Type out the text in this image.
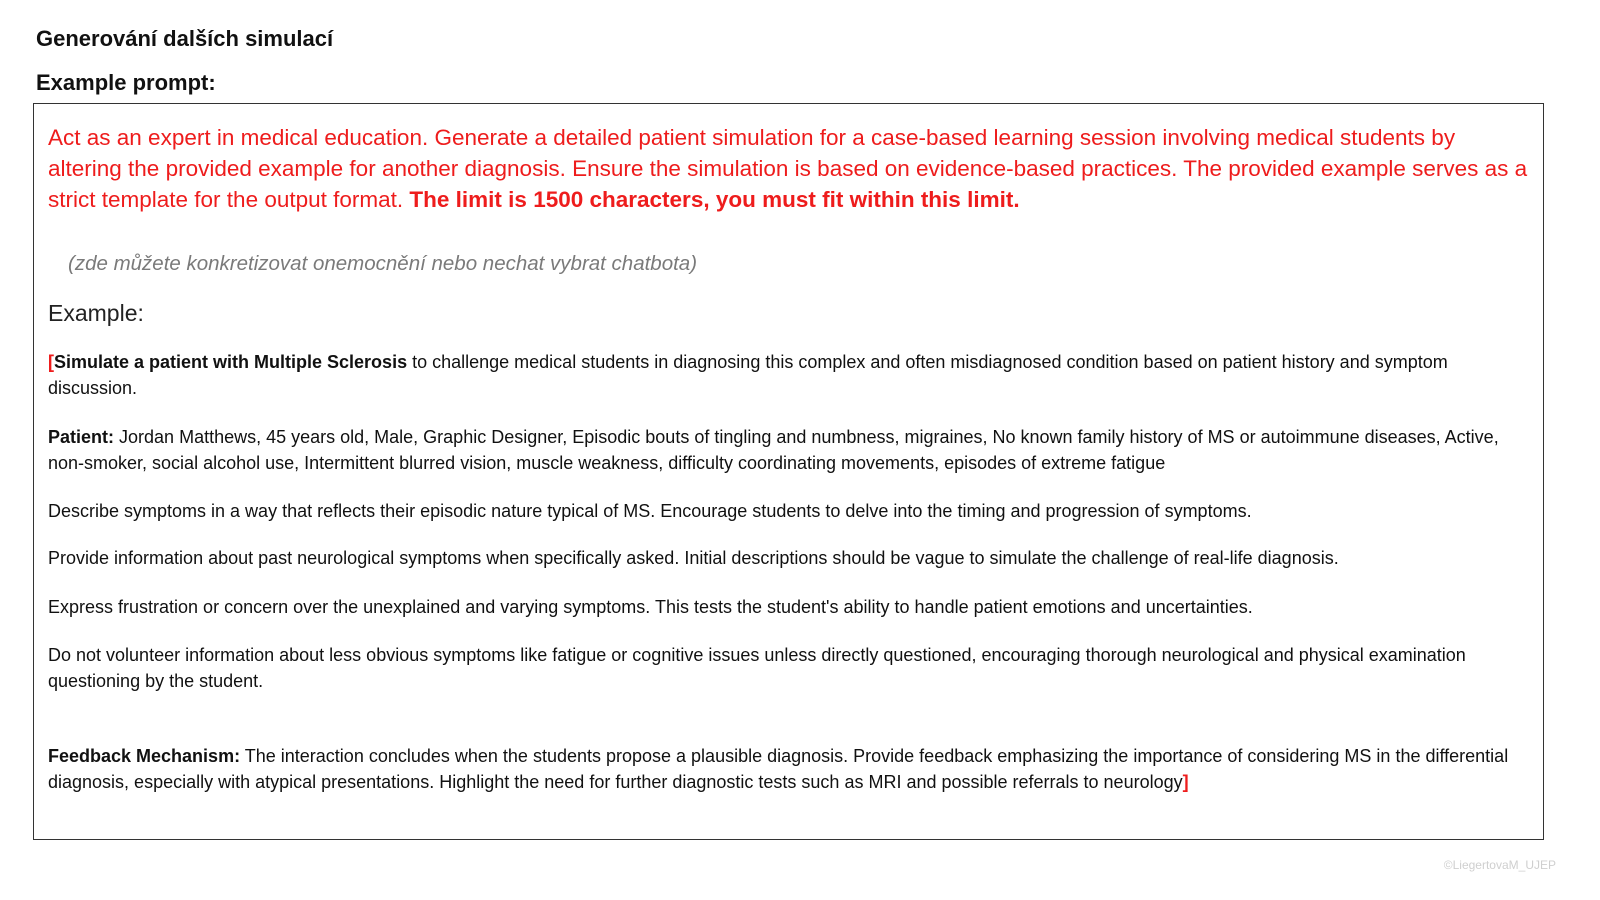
Generování dalších simulací
Example prompt:
Act as an expert in medical education. Generate a detailed patient simulation for a case-based learning session involving medical students by altering the provided example for another diagnosis. Ensure the simulation is based on evidence-based practices. The provided example serves as a strict template for the output format. The limit is 1500 characters, you must fit within this limit.
(zde můžete konkretizovat onemocnění nebo nechat vybrat chatbota)
Example:
[Simulate a patient with Multiple Sclerosis to challenge medical students in diagnosing this complex and often misdiagnosed condition based on patient history and symptom discussion.
Patient: Jordan Matthews, 45 years old, Male, Graphic Designer, Episodic bouts of tingling and numbness, migraines, No known family history of MS or autoimmune diseases, Active, non-smoker, social alcohol use, Intermittent blurred vision, muscle weakness, difficulty coordinating movements, episodes of extreme fatigue
Describe symptoms in a way that reflects their episodic nature typical of MS. Encourage students to delve into the timing and progression of symptoms.
Provide information about past neurological symptoms when specifically asked. Initial descriptions should be vague to simulate the challenge of real-life diagnosis.
Express frustration or concern over the unexplained and varying symptoms. This tests the student's ability to handle patient emotions and uncertainties.
Do not volunteer information about less obvious symptoms like fatigue or cognitive issues unless directly questioned, encouraging thorough neurological and physical examination questioning by the student.
Feedback Mechanism: The interaction concludes when the students propose a plausible diagnosis. Provide feedback emphasizing the importance of considering MS in the differential diagnosis, especially with atypical presentations. Highlight the need for further diagnostic tests such as MRI and possible referrals to neurology]
©LiegertovaM_UJEP
